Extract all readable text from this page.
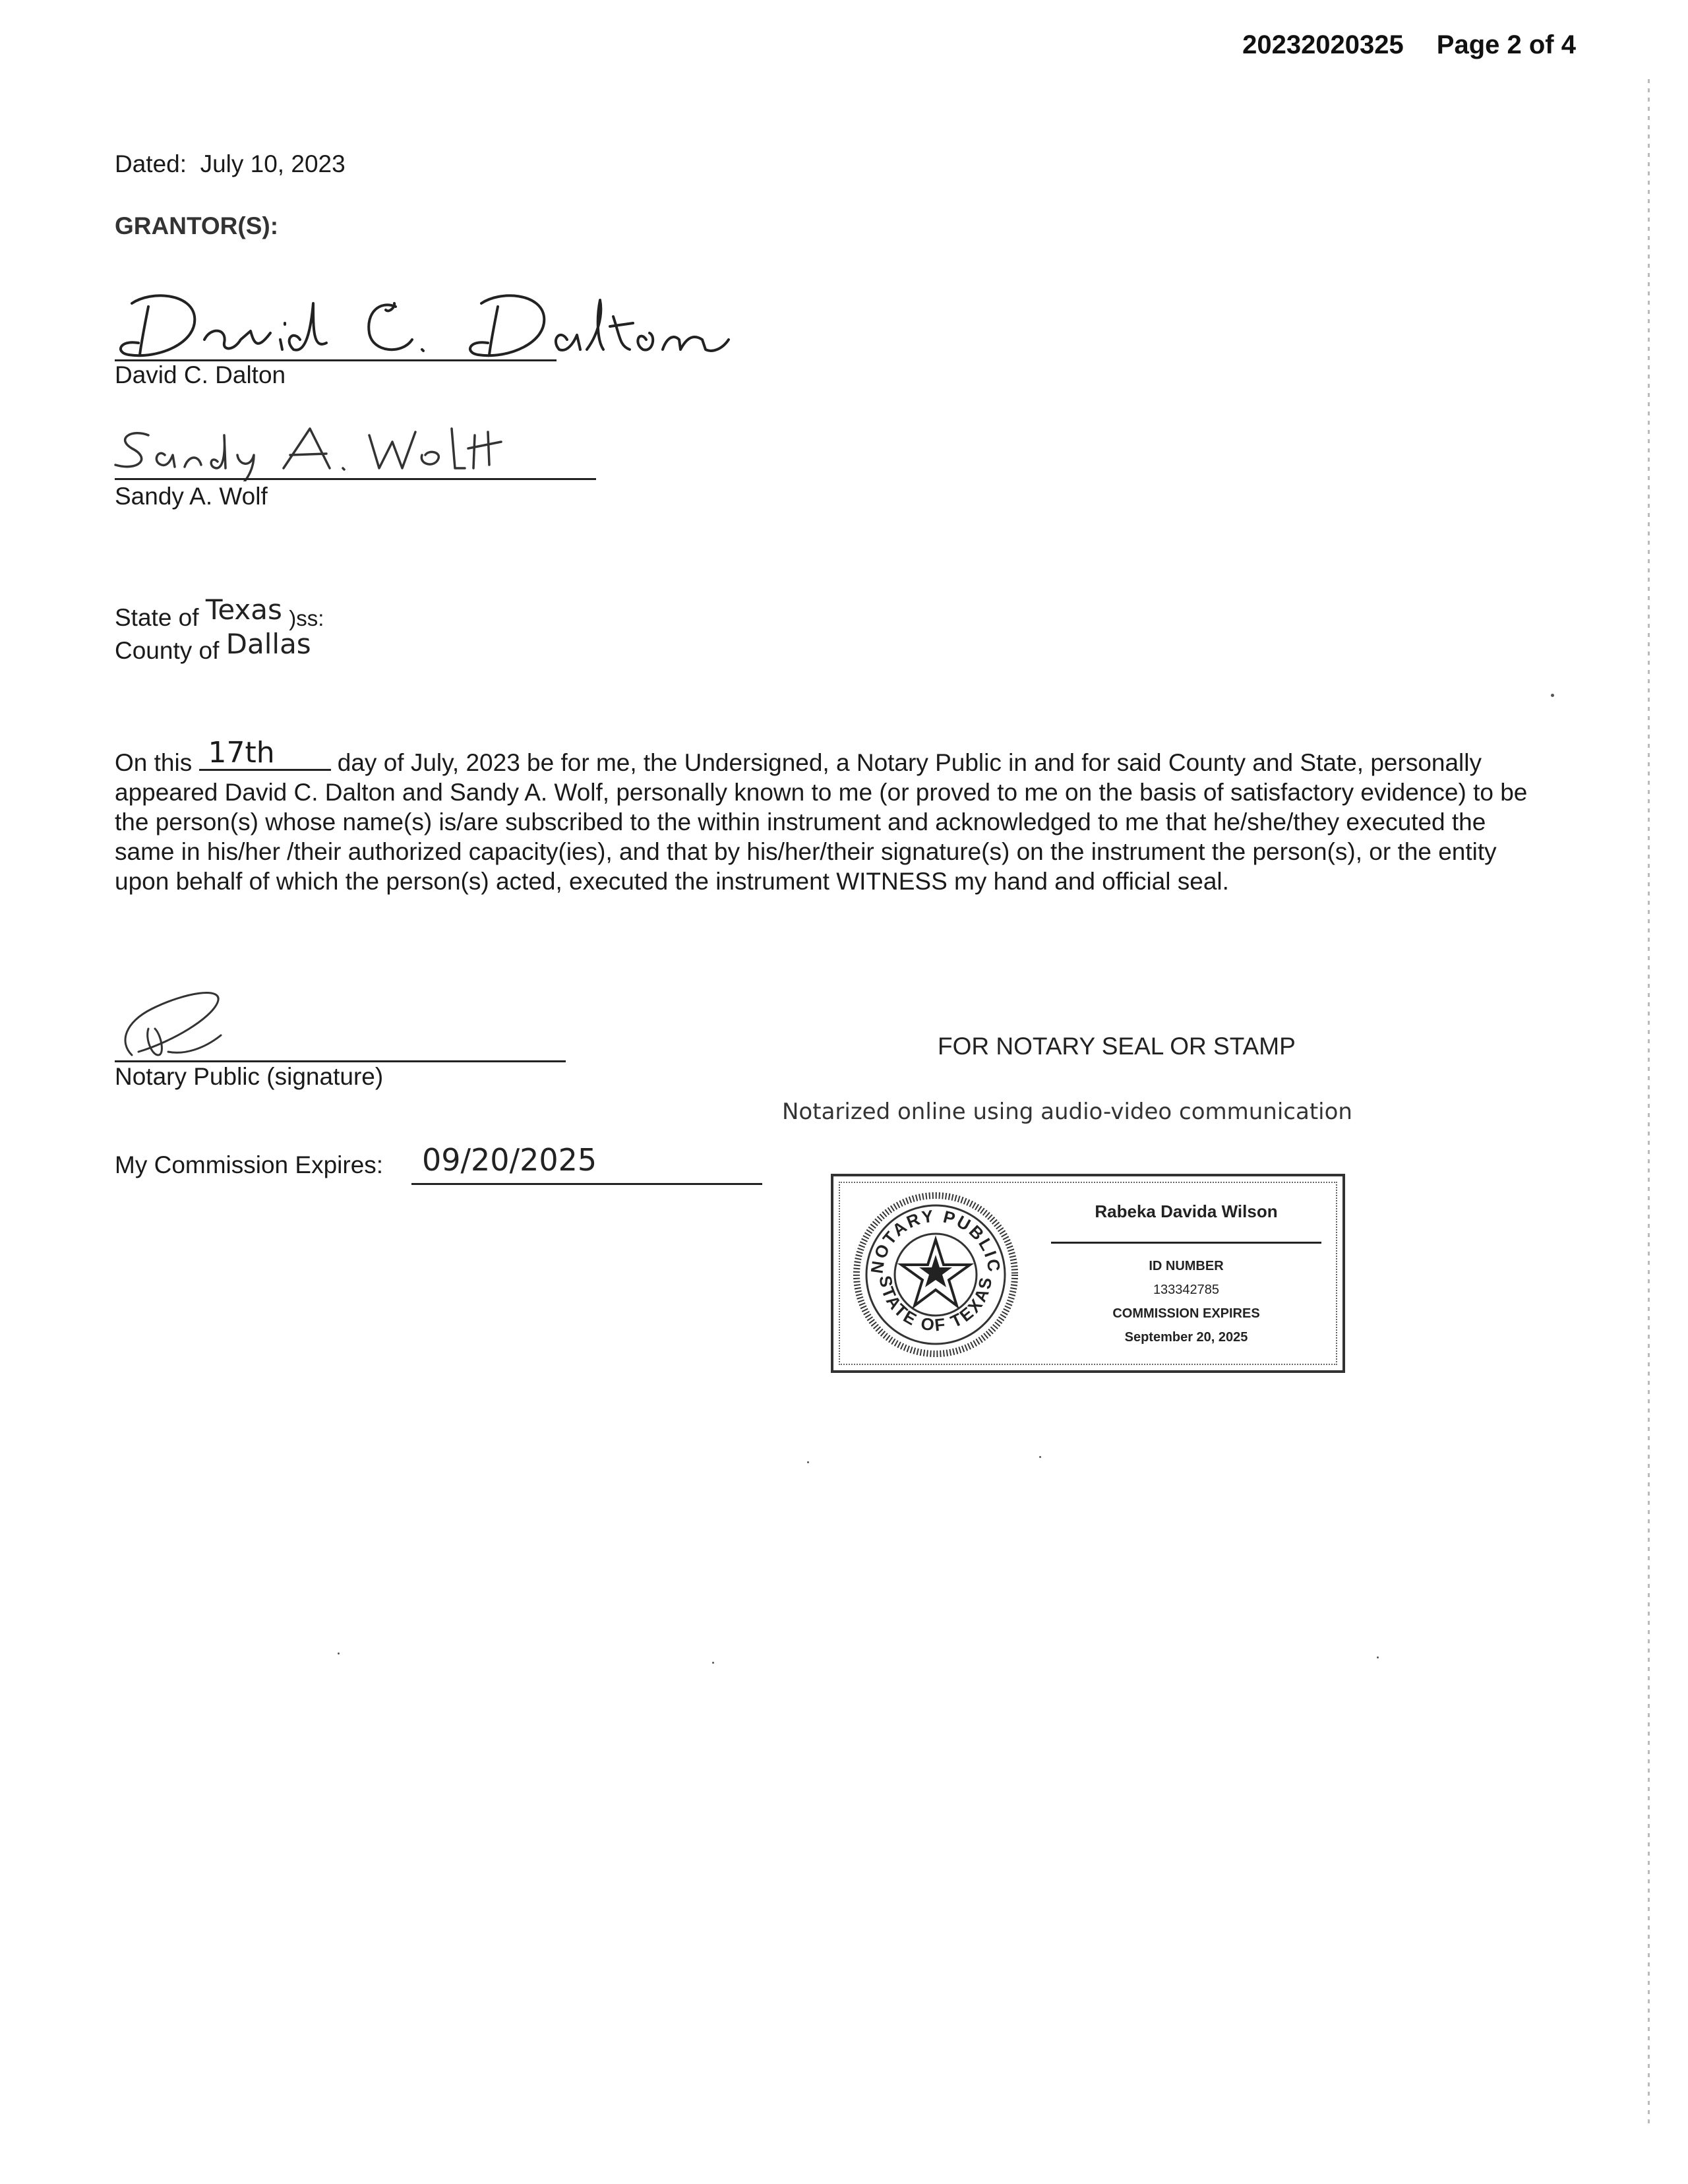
20232020325 Page 2 of 4
Dated: July 10, 2023
GRANTOR(S):
David C. Dalton
Sandy A. Wolf
State of Texas )ss:
County of Dallas
On this 17th	day of July, 2023 be for me, the Undersigned, a Notary Public in and for said County and State, personally appeared David C. Dalton and Sandy A. Wolf, personally known to me (or proved to me on the basis of satisfactory evidence) to be the person(s) whose name(s) is/are subscribed to the within instrument and acknowledged to me that he/she/they executed the same in his/her /their authorized capacity(ies), and that by his/her/their signature(s) on the instrument the person(s), or the entity upon behalf of which the person(s) acted, executed the instrument WITNESS my hand and official seal.
Notary Public (signature)
My Commission Expires: 09/20/2025
FOR NOTARY SEAL OR STAMP
Notarized online using audio-video communication
NOTARY PUBLIC
STATE OF TEXAS
Rabeka Davida Wilson
ID NUMBER
133342785
COMMISSION EXPIRES
September 20, 2025
